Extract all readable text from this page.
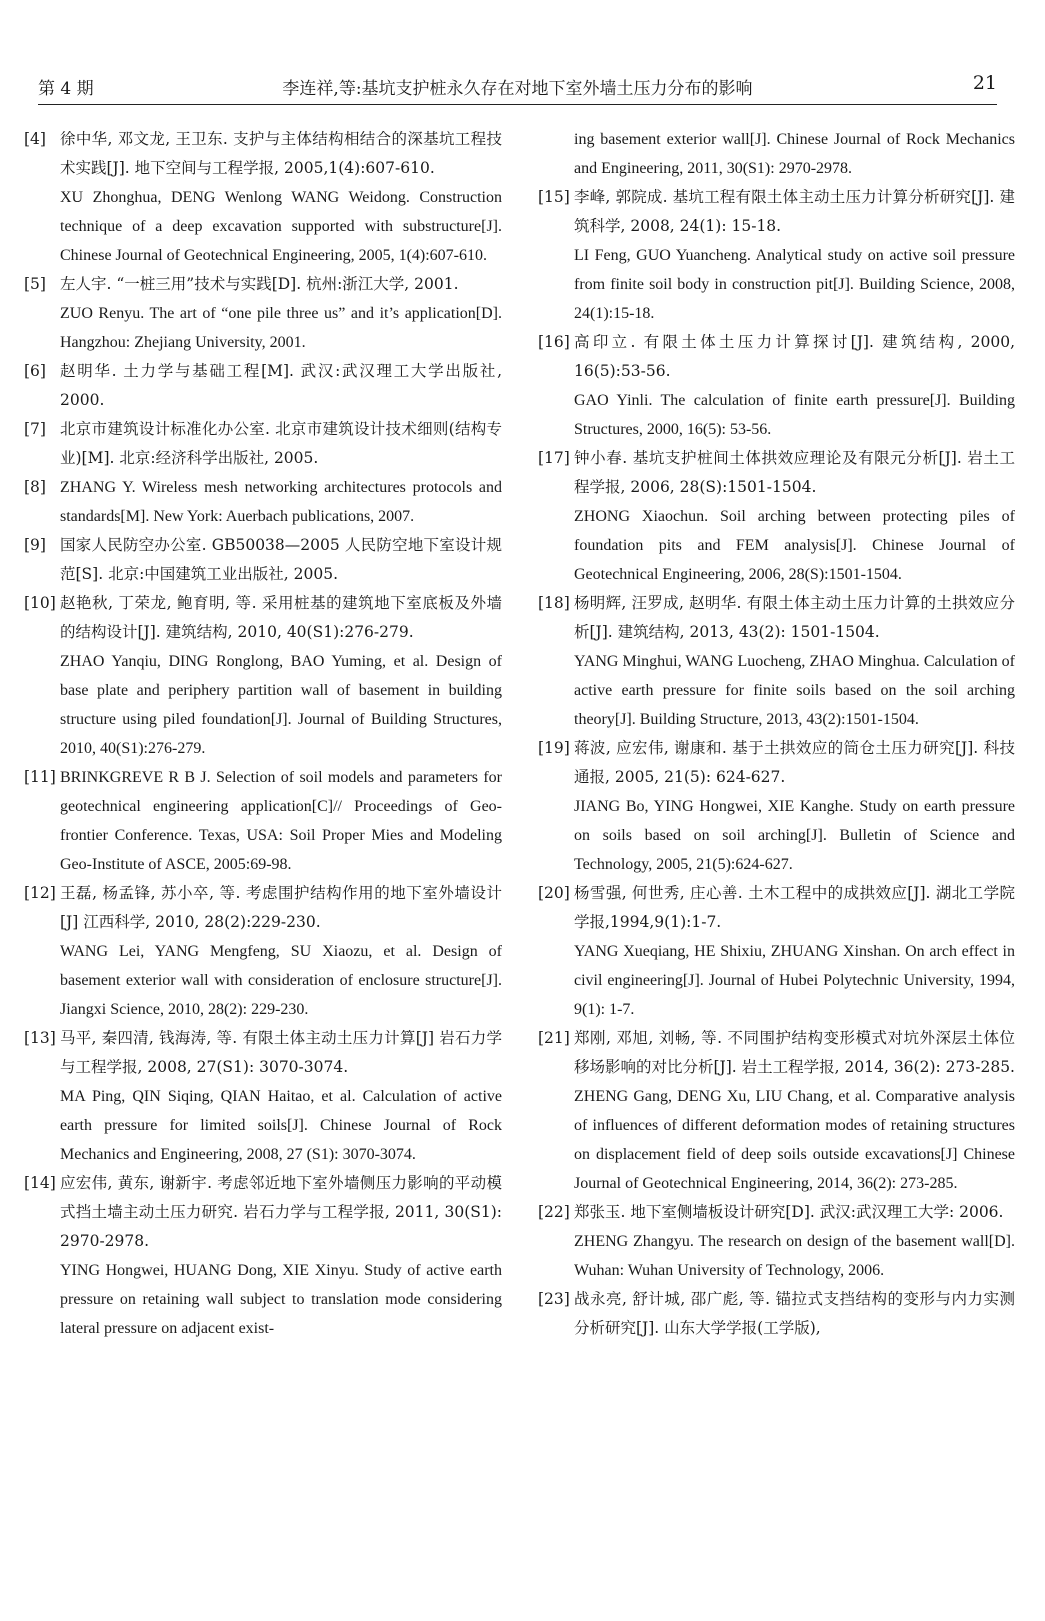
第 4 期	李连祥,等:基坑支护桩永久存在对地下室外墙土压力分布的影响	21
[4] 徐中华, 邓文龙, 王卫东. 支护与主体结构相结合的深基坑工程技术实践[J]. 地下空间与工程学报, 2005,1(4):607-610.

XU Zhonghua, DENG Wenlong WANG Weidong. Construction technique of a deep excavation supported with substructure[J]. Chinese Journal of Geotechnical Engineering, 2005, 1(4):607-610.

[5] 左人宇. “一桩三用”技术与实践[D]. 杭州:浙江大学, 2001.

ZUO Renyu. The art of “one pile three us” and it’s application[D]. Hangzhou: Zhejiang University, 2001.

[6] 赵明华. 土力学与基础工程[M]. 武汉:武汉理工大学出版社, 2000.

[7] 北京市建筑设计标准化办公室. 北京市建筑设计技术细则(结构专业)[M]. 北京:经济科学出版社, 2005.

[8] ZHANG Y. Wireless mesh networking architectures protocols and standards[M]. New York: Auerbach publications, 2007.

[9] 国家人民防空办公室. GB50038—2005 人民防空地下室设计规范[S]. 北京:中国建筑工业出版社, 2005.

[10] 赵艳秋, 丁荣龙, 鲍育明, 等. 采用桩基的建筑地下室底板及外墙的结构设计[J]. 建筑结构, 2010, 40(S1):276-279.

ZHAO Yanqiu, DING Ronglong, BAO Yuming, et al. Design of base plate and periphery partition wall of basement in building structure using piled foundation[J]. Journal of Building Structures, 2010, 40(S1):276-279.

[11] BRINKGREVE R B J. Selection of soil models and parameters for geotechnical engineering application[C]// Proceedings of Geo-frontier Conference. Texas, USA: Soil Proper Mies and Modeling Geo-Institute of ASCE, 2005:69-98.

[12] 王磊, 杨孟锋, 苏小卒, 等. 考虑围护结构作用的地下室外墙设计[J] 江西科学, 2010, 28(2):229-230.

WANG Lei, YANG Mengfeng, SU Xiaozu, et al. Design of basement exterior wall with consideration of enclosure structure[J]. Jiangxi Science, 2010, 28(2): 229-230.

[13] 马平, 秦四清, 钱海涛, 等. 有限土体主动土压力计算[J] 岩石力学与工程学报, 2008, 27(S1): 3070-3074.

MA Ping, QIN Siqing, QIAN Haitao, et al. Calculation of active earth pressure for limited soils[J]. Chinese Journal of Rock Mechanics and Engineering, 2008, 27 (S1): 3070-3074.

[14] 应宏伟, 黄东, 谢新宇. 考虑邻近地下室外墙侧压力影响的平动模式挡土墙主动土压力研究. 岩石力学与工程学报, 2011, 30(S1): 2970-2978.

YING Hongwei, HUANG Dong, XIE Xinyu. Study of active earth pressure on retaining wall subject to translation mode considering lateral pressure on adjacent exist-

ing basement exterior wall[J]. Chinese Journal of Rock Mechanics and Engineering, 2011, 30(S1): 2970-2978.

[15] 李峰, 郭院成. 基坑工程有限土体主动土压力计算分析研究[J]. 建筑科学, 2008, 24(1): 15-18.

LI Feng, GUO Yuancheng. Analytical study on active soil pressure from finite soil body in construction pit[J]. Building Science, 2008, 24(1):15-18.

[16] 高印立. 有限土体土压力计算探讨[J]. 建筑结构, 2000, 16(5):53-56.

GAO Yinli. The calculation of finite earth pressure[J]. Building Structures, 2000, 16(5): 53-56.

[17] 钟小春. 基坑支护桩间土体拱效应理论及有限元分析[J]. 岩土工程学报, 2006, 28(S):1501-1504.

ZHONG Xiaochun. Soil arching between protecting piles of foundation pits and FEM analysis[J]. Chinese Journal of Geotechnical Engineering, 2006, 28(S):1501-1504.

[18] 杨明辉, 汪罗成, 赵明华. 有限土体主动土压力计算的土拱效应分析[J]. 建筑结构, 2013, 43(2): 1501-1504.

YANG Minghui, WANG Luocheng, ZHAO Minghua. Calculation of active earth pressure for finite soils based on the soil arching theory[J]. Building Structure, 2013, 43(2):1501-1504.

[19] 蒋波, 应宏伟, 谢康和. 基于土拱效应的筒仓土压力研究[J]. 科技通报, 2005, 21(5): 624-627.

JIANG Bo, YING Hongwei, XIE Kanghe. Study on earth pressure on soils based on soil arching[J]. Bulletin of Science and Technology, 2005, 21(5):624-627.

[20] 杨雪强, 何世秀, 庄心善. 土木工程中的成拱效应[J]. 湖北工学院学报,1994,9(1):1-7.

YANG Xueqiang, HE Shixiu, ZHUANG Xinshan. On arch effect in civil engineering[J]. Journal of Hubei Polytechnic University, 1994, 9(1): 1-7.

[21] 郑刚, 邓旭, 刘畅, 等. 不同围护结构变形模式对坑外深层土体位移场影响的对比分析[J]. 岩土工程学报, 2014, 36(2): 273-285.

ZHENG Gang, DENG Xu, LIU Chang, et al. Comparative analysis of influences of different deformation modes of retaining structures on displacement field of deep soils outside excavations[J] Chinese Journal of Geotechnical Engineering, 2014, 36(2): 273-285.

[22] 郑张玉. 地下室侧墙板设计研究[D]. 武汉:武汉理工大学: 2006.

ZHENG Zhangyu. The research on design of the basement wall[D]. Wuhan: Wuhan University of Technology, 2006.

[23] 战永亮, 舒计城, 邵广彪, 等. 锚拉式支挡结构的变形与内力实测分析研究[J]. 山东大学学报(工学版),
